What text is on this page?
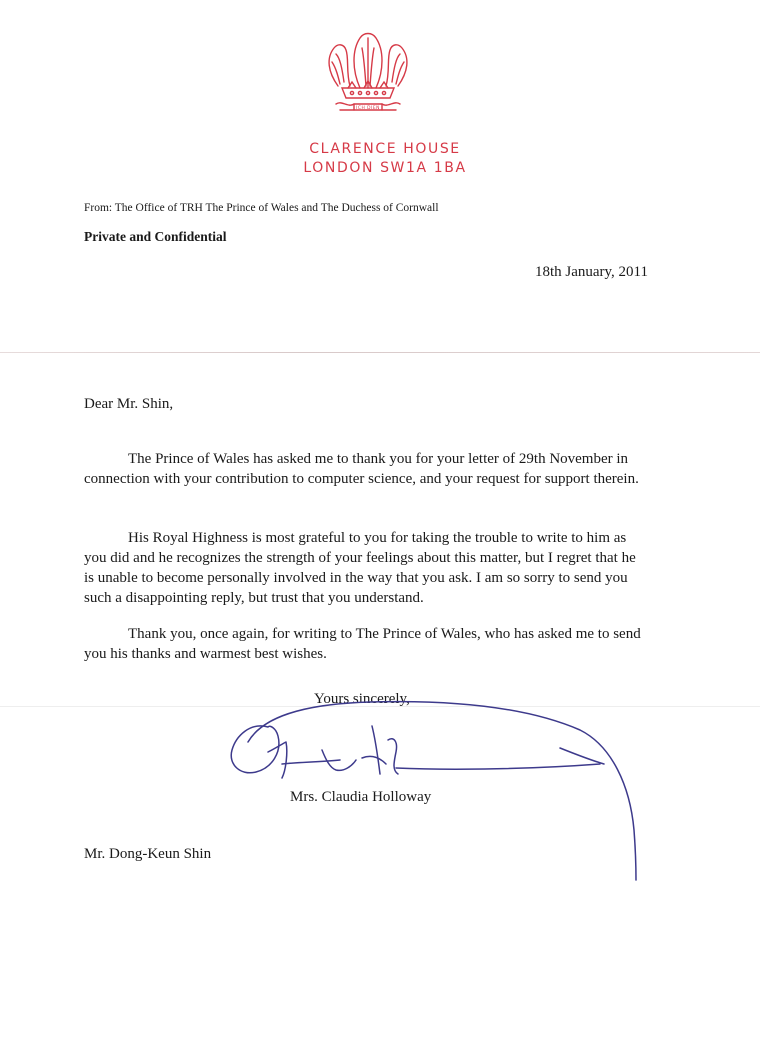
ICH DIEN
CLARENCE HOUSE
LONDON SW1A 1BA
From: The Office of TRH The Prince of Wales and The Duchess of Cornwall
Private and Confidential
18th January, 2011
Dear Mr. Shin,
The Prince of Wales has asked me to thank you for your letter of 29th November in connection with your contribution to computer science, and your request for support therein.
His Royal Highness is most grateful to you for taking the trouble to write to him as you did and he recognizes the strength of your feelings about this matter, but I regret that he is unable to become personally involved in the way that you ask. I am so sorry to send you such a disappointing reply, but trust that you understand.
Thank you, once again, for writing to The Prince of Wales, who has asked me to send you his thanks and warmest best wishes.
Yours sincerely,
Mrs. Claudia Holloway
Mr. Dong-Keun Shin
